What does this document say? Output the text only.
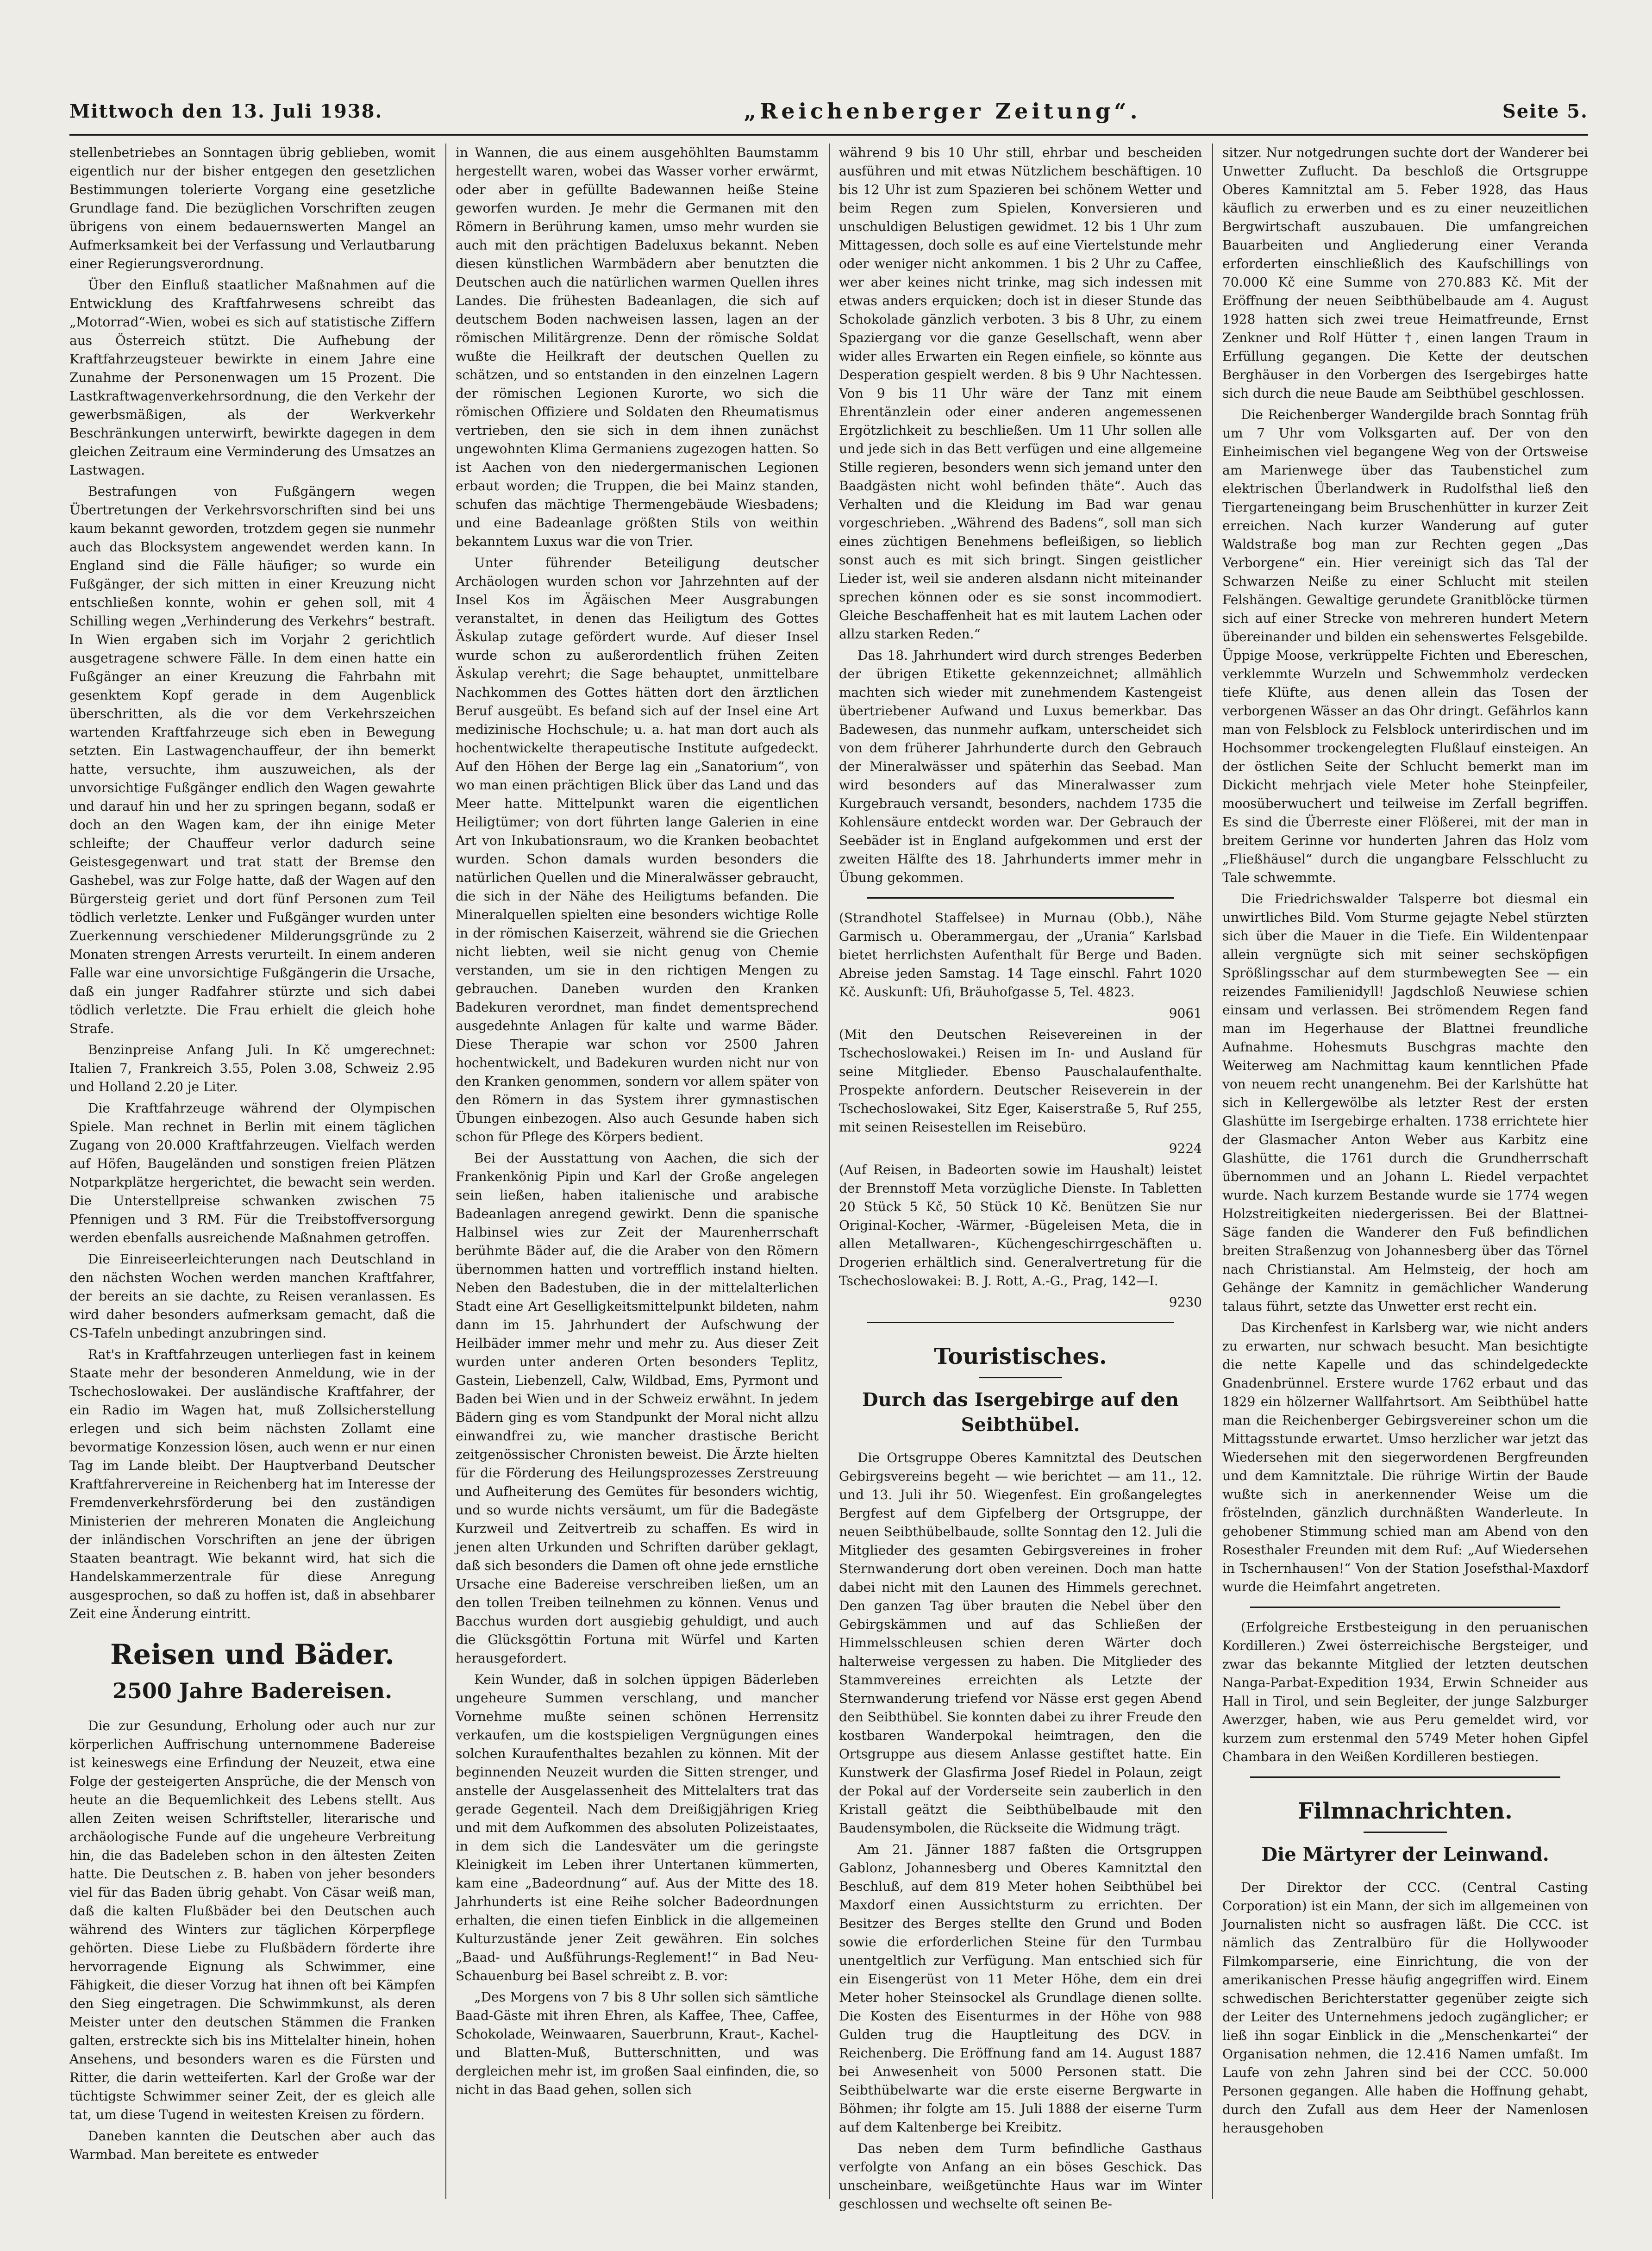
Mittwoch den 13. Juli 1938.	„Reichenberger Zeitung“.	Seite 5.

stellenbetriebes an Sonntagen übrig geblieben, womit eigentlich nur der bisher entgegen den gesetzlichen Bestimmungen tolerierte Vorgang eine gesetzliche Grundlage fand. Die bezüglichen Vorschriften zeugen übrigens von einem bedauernswerten Mangel an Aufmerksamkeit bei der Verfassung und Verlautbarung einer Regierungsverordnung.

Über den Einfluß staatlicher Maßnahmen auf die Entwicklung des Kraftfahrwesens schreibt das „Motorrad“-Wien, wobei es sich auf statistische Ziffern aus Österreich stützt. Die Aufhebung der Kraftfahrzeugsteuer bewirkte in einem Jahre eine Zunahme der Personenwagen um 15 Prozent. Die Lastkraftwagenverkehrsordnung, die den Verkehr der gewerbsmäßigen, als der Werkverkehr Beschränkungen unterwirft, bewirkte dagegen in dem gleichen Zeitraum eine Verminderung des Umsatzes an Lastwagen.

Bestrafungen von Fußgängern wegen Übertretungen der Verkehrsvorschriften sind bei uns kaum bekannt geworden, trotzdem gegen sie nunmehr auch das Blocksystem angewendet werden kann. In England sind die Fälle häufiger; so wurde ein Fußgänger, der sich mitten in einer Kreuzung nicht entschließen konnte, wohin er gehen soll, mit 4 Schilling wegen „Verhinderung des Verkehrs“ bestraft. In Wien ergaben sich im Vorjahr 2 gerichtlich ausgetragene schwere Fälle. In dem einen hatte ein Fußgänger an einer Kreuzung die Fahrbahn mit gesenktem Kopf gerade in dem Augenblick überschritten, als die vor dem Verkehrszeichen wartenden Kraftfahrzeuge sich eben in Bewegung setzten. Ein Lastwagenchauffeur, der ihn bemerkt hatte, versuchte, ihm auszuweichen, als der unvorsichtige Fußgänger endlich den Wagen gewahrte und darauf hin und her zu springen begann, sodaß er doch an den Wagen kam, der ihn einige Meter schleifte; der Chauffeur verlor dadurch seine Geistesgegenwart und trat statt der Bremse den Gashebel, was zur Folge hatte, daß der Wagen auf den Bürgersteig geriet und dort fünf Personen zum Teil tödlich verletzte. Lenker und Fußgänger wurden unter Zuerkennung verschiedener Milderungsgründe zu 2 Monaten strengen Arrests verurteilt. In einem anderen Falle war eine unvorsichtige Fußgängerin die Ursache, daß ein junger Radfahrer stürzte und sich dabei tödlich verletzte. Die Frau erhielt die gleich hohe Strafe.

Benzinpreise Anfang Juli. In Kč umgerechnet: Italien 7, Frankreich 3.55, Polen 3.08, Schweiz 2.95 und Holland 2.20 je Liter.

Die Kraftfahrzeuge während der Olympischen Spiele. Man rechnet in Berlin mit einem täglichen Zugang von 20.000 Kraftfahrzeugen. Vielfach werden auf Höfen, Baugeländen und sonstigen freien Plätzen Notparkplätze hergerichtet, die bewacht sein werden. Die Unterstellpreise schwanken zwischen 75 Pfennigen und 3 RM. Für die Treibstoffversorgung werden ebenfalls ausreichende Maßnahmen getroffen.

Die Einreiseerleichterungen nach Deutschland in den nächsten Wochen werden manchen Kraftfahrer, der bereits an sie dachte, zu Reisen veranlassen. Es wird daher besonders aufmerksam gemacht, daß die CS-Tafeln unbedingt anzubringen sind.

Rat's in Kraftfahrzeugen unterliegen fast in keinem Staate mehr der besonderen Anmeldung, wie in der Tschechoslowakei. Der ausländische Kraftfahrer, der ein Radio im Wagen hat, muß Zollsicherstellung erlegen und sich beim nächsten Zollamt eine bevormatige Konzession lösen, auch wenn er nur einen Tag im Lande bleibt. Der Hauptverband Deutscher Kraftfahrervereine in Reichenberg hat im Interesse der Fremdenverkehrsförderung bei den zuständigen Ministerien der mehreren Monaten die Angleichung der inländischen Vorschriften an jene der übrigen Staaten beantragt. Wie bekannt wird, hat sich die Handelskammerzentrale für diese Anregung ausgesprochen, so daß zu hoffen ist, daß in absehbarer Zeit eine Änderung eintritt.

Reisen und Bäder.
2500 Jahre Badereisen.

Die zur Gesundung, Erholung oder auch nur zur körperlichen Auffrischung unternommene Badereise ist keineswegs eine Erfindung der Neuzeit, etwa eine Folge der gesteigerten Ansprüche, die der Mensch von heute an die Bequemlichkeit des Lebens stellt. Aus allen Zeiten weisen Schriftsteller, literarische und archäologische Funde auf die ungeheure Verbreitung hin, die das Badeleben schon in den ältesten Zeiten hatte. Die Deutschen z. B. haben von jeher besonders viel für das Baden übrig gehabt. Von Cäsar weiß man, daß die kalten Flußbäder bei den Deutschen auch während des Winters zur täglichen Körperpflege gehörten. Diese Liebe zu Flußbädern förderte ihre hervorragende Eignung als Schwimmer, eine Fähigkeit, die dieser Vorzug hat ihnen oft bei Kämpfen den Sieg eingetragen. Die Schwimmkunst, als deren Meister unter den deutschen Stämmen die Franken galten, erstreckte sich bis ins Mittelalter hinein, hohen Ansehens, und besonders waren es die Fürsten und Ritter, die darin wetteiferten. Karl der Große war der tüchtigste Schwimmer seiner Zeit, der es gleich alle tat, um diese Tugend in weitesten Kreisen zu fördern.

Daneben kannten die Deutschen aber auch das Warmbad. Man bereitete es entweder

in Wannen, die aus einem ausgehöhlten Baumstamm hergestellt waren, wobei das Wasser vorher erwärmt, oder aber in gefüllte Badewannen heiße Steine geworfen wurden. Je mehr die Germanen mit den Römern in Berührung kamen, umso mehr wurden sie auch mit den prächtigen Badeluxus bekannt. Neben diesen künstlichen Warmbädern aber benutzten die Deutschen auch die natürlichen warmen Quellen ihres Landes. Die frühesten Badeanlagen, die sich auf deutschem Boden nachweisen lassen, lagen an der römischen Militärgrenze. Denn der römische Soldat wußte die Heilkraft der deutschen Quellen zu schätzen, und so entstanden in den einzelnen Lagern der römischen Legionen Kurorte, wo sich die römischen Offiziere und Soldaten den Rheumatismus vertrieben, den sie sich in dem ihnen zunächst ungewohnten Klima Germaniens zugezogen hatten. So ist Aachen von den niedergermanischen Legionen erbaut worden; die Truppen, die bei Mainz standen, schufen das mächtige Thermengebäude Wiesbadens; und eine Badeanlage größten Stils von weithin bekanntem Luxus war die von Trier.

Unter führender Beteiligung deutscher Archäologen wurden schon vor Jahrzehnten auf der Insel Kos im Ägäischen Meer Ausgrabungen veranstaltet, in denen das Heiligtum des Gottes Äskulap zutage gefördert wurde. Auf dieser Insel wurde schon zu außerordentlich frühen Zeiten Äskulap verehrt; die Sage behauptet, unmittelbare Nachkommen des Gottes hätten dort den ärztlichen Beruf ausgeübt. Es befand sich auf der Insel eine Art medizinische Hochschule; u. a. hat man dort auch als hochentwickelte therapeutische Institute aufgedeckt. Auf den Höhen der Berge lag ein „Sanatorium“, von wo man einen prächtigen Blick über das Land und das Meer hatte. Mittelpunkt waren die eigentlichen Heiligtümer; von dort führten lange Galerien in eine Art von Inkubationsraum, wo die Kranken beobachtet wurden. Schon damals wurden besonders die natürlichen Quellen und die Mineralwässer gebraucht, die sich in der Nähe des Heiligtums befanden. Die Mineralquellen spielten eine besonders wichtige Rolle in der römischen Kaiserzeit, während sie die Griechen nicht liebten, weil sie nicht genug von Chemie verstanden, um sie in den richtigen Mengen zu gebrauchen. Daneben wurden den Kranken Badekuren verordnet, man findet dementsprechend ausgedehnte Anlagen für kalte und warme Bäder. Diese Therapie war schon vor 2500 Jahren hochentwickelt, und Badekuren wurden nicht nur von den Kranken genommen, sondern vor allem später von den Römern in das System ihrer gymnastischen Übungen einbezogen. Also auch Gesunde haben sich schon für Pflege des Körpers bedient.

Bei der Ausstattung von Aachen, die sich der Frankenkönig Pipin und Karl der Große angelegen sein ließen, haben italienische und arabische Badeanlagen anregend gewirkt. Denn die spanische Halbinsel wies zur Zeit der Maurenherrschaft berühmte Bäder auf, die die Araber von den Römern übernommen hatten und vortrefflich instand hielten. Neben den Badestuben, die in der mittelalterlichen Stadt eine Art Geselligkeitsmittelpunkt bildeten, nahm dann im 15. Jahrhundert der Aufschwung der Heilbäder immer mehr und mehr zu. Aus dieser Zeit wurden unter anderen Orten besonders Teplitz, Gastein, Liebenzell, Calw, Wildbad, Ems, Pyrmont und Baden bei Wien und in der Schweiz erwähnt. In jedem Bädern ging es vom Standpunkt der Moral nicht allzu einwandfrei zu, wie mancher drastische Bericht zeitgenössischer Chronisten beweist. Die Ärzte hielten für die Förderung des Heilungsprozesses Zerstreuung und Aufheiterung des Gemütes für besonders wichtig, und so wurde nichts versäumt, um für die Badegäste Kurzweil und Zeitvertreib zu schaffen. Es wird in jenen alten Urkunden und Schriften darüber geklagt, daß sich besonders die Damen oft ohne jede ernstliche Ursache eine Badereise verschreiben ließen, um an den tollen Treiben teilnehmen zu können. Venus und Bacchus wurden dort ausgiebig gehuldigt, und auch die Glücksgöttin Fortuna mit Würfel und Karten herausgefordert.

Kein Wunder, daß in solchen üppigen Bäderleben ungeheure Summen verschlang, und mancher Vornehme mußte seinen schönen Herrensitz verkaufen, um die kostspieligen Vergnügungen eines solchen Kuraufenthaltes bezahlen zu können. Mit der beginnenden Neuzeit wurden die Sitten strenger, und anstelle der Ausgelassenheit des Mittelalters trat das gerade Gegenteil. Nach dem Dreißigjährigen Krieg und mit dem Aufkommen des absoluten Polizeistaates, in dem sich die Landesväter um die geringste Kleinigkeit im Leben ihrer Untertanen kümmerten, kam eine „Badeordnung“ auf. Aus der Mitte des 18. Jahrhunderts ist eine Reihe solcher Badeordnungen erhalten, die einen tiefen Einblick in die allgemeinen Kulturzustände jener Zeit gewähren. Ein solches „Baad- und Außführungs-Reglement!“ in Bad Neu-Schauenburg bei Basel schreibt z. B. vor:

„Des Morgens von 7 bis 8 Uhr sollen sich sämtliche Baad-Gäste mit ihren Ehren, als Kaffee, Thee, Caffee, Schokolade, Weinwaaren, Sauerbrunn, Kraut-, Kachel- und Blatten-Muß, Butterschnitten, und was dergleichen mehr ist, im großen Saal einfinden, die, so nicht in das Baad gehen, sollen sich

während 9 bis 10 Uhr still, ehrbar und bescheiden ausführen und mit etwas Nützlichem beschäftigen. 10 bis 12 Uhr ist zum Spazieren bei schönem Wetter und beim Regen zum Spielen, Konversieren und unschuldigen Belustigen gewidmet. 12 bis 1 Uhr zum Mittagessen, doch solle es auf eine Viertelstunde mehr oder weniger nicht ankommen. 1 bis 2 Uhr zu Caffee, wer aber keines nicht trinke, mag sich indessen mit etwas anders erquicken; doch ist in dieser Stunde das Schokolade gänzlich verboten. 3 bis 8 Uhr, zu einem Spaziergang vor die ganze Gesellschaft, wenn aber wider alles Erwarten ein Regen einfiele, so könnte aus Desperation gespielt werden. 8 bis 9 Uhr Nachtessen. Von 9 bis 11 Uhr wäre der Tanz mit einem Ehrentänzlein oder einer anderen angemessenen Ergötzlichkeit zu beschließen. Um 11 Uhr sollen alle und jede sich in das Bett verfügen und eine allgemeine Stille regieren, besonders wenn sich jemand unter den Baadgästen nicht wohl befinden thäte“. Auch das Verhalten und die Kleidung im Bad war genau vorgeschrieben. „Während des Badens“, soll man sich eines züchtigen Benehmens befleißigen, so lieblich sonst auch es mit sich bringt. Singen geistlicher Lieder ist, weil sie anderen alsdann nicht miteinander sprechen können oder es sie sonst incommodiert. Gleiche Beschaffenheit hat es mit lautem Lachen oder allzu starken Reden.“

Das 18. Jahrhundert wird durch strenges Bederben der übrigen Etikette gekennzeichnet; allmählich machten sich wieder mit zunehmendem Kastengeist übertriebener Aufwand und Luxus bemerkbar. Das Badewesen, das nunmehr aufkam, unterscheidet sich von dem früherer Jahrhunderte durch den Gebrauch der Mineralwässer und späterhin das Seebad. Man wird besonders auf das Mineralwasser zum Kurgebrauch versandt, besonders, nachdem 1735 die Kohlensäure entdeckt worden war. Der Gebrauch der Seebäder ist in England aufgekommen und erst der zweiten Hälfte des 18. Jahrhunderts immer mehr in Übung gekommen.

(Strandhotel Staffelsee) in Murnau (Obb.), Nähe Garmisch u. Oberammergau, der „Urania“ Karlsbad bietet herrlichsten Aufenthalt für Berge und Baden. Abreise jeden Samstag. 14 Tage einschl. Fahrt 1020 Kč. Auskunft: Ufi, Bräuhofgasse 5, Tel. 4823.

9061

(Mit den Deutschen Reisevereinen in der Tschechoslowakei.) Reisen im In- und Ausland für seine Mitglieder. Ebenso Pauschalaufenthalte. Prospekte anfordern. Deutscher Reiseverein in der Tschechoslowakei, Sitz Eger, Kaiserstraße 5, Ruf 255, mit seinen Reisestellen im Reisebüro.

9224

(Auf Reisen, in Badeorten sowie im Haushalt) leistet der Brennstoff Meta vorzügliche Dienste. In Tabletten 20 Stück 5 Kč, 50 Stück 10 Kč. Benützen Sie nur Original-Kocher, -Wärmer, -Bügeleisen Meta, die in allen Metallwaren-, Küchengeschirrgeschäften u. Drogerien erhältlich sind. Generalvertretung für die Tschechoslowakei: B. J. Rott, A.-G., Prag, 142—I.

9230

Touristisches.
Durch das Isergebirge auf den Seibthübel.

Die Ortsgruppe Oberes Kamnitztal des Deutschen Gebirgsvereins begeht — wie berichtet — am 11., 12. und 13. Juli ihr 50. Wiegenfest. Ein großangelegtes Bergfest auf dem Gipfelberg der Ortsgruppe, der neuen Seibthübelbaude, sollte Sonntag den 12. Juli die Mitglieder des gesamten Gebirgsvereines in froher Sternwanderung dort oben vereinen. Doch man hatte dabei nicht mit den Launen des Himmels gerechnet. Den ganzen Tag über brauten die Nebel über den Gebirgskämmen und auf das Schließen der Himmelsschleusen schien deren Wärter doch halterweise vergessen zu haben. Die Mitglieder des Stammvereines erreichten als Letzte der Sternwanderung triefend vor Nässe erst gegen Abend den Seibthübel. Sie konnten dabei zu ihrer Freude den kostbaren Wanderpokal heimtragen, den die Ortsgruppe aus diesem Anlasse gestiftet hatte. Ein Kunstwerk der Glasfirma Josef Riedel in Polaun, zeigt der Pokal auf der Vorderseite sein zauberlich in den Kristall geätzt die Seibthübelbaude mit den Baudensymbolen, die Rückseite die Widmung trägt.

Am 21. Jänner 1887 faßten die Ortsgruppen Gablonz, Johannesberg und Oberes Kamnitztal den Beschluß, auf dem 819 Meter hohen Seibthübel bei Maxdorf einen Aussichtsturm zu errichten. Der Besitzer des Berges stellte den Grund und Boden sowie die erforderlichen Steine für den Turmbau unentgeltlich zur Verfügung. Man entschied sich für ein Eisengerüst von 11 Meter Höhe, dem ein drei Meter hoher Steinsockel als Grundlage dienen sollte. Die Kosten des Eisenturmes in der Höhe von 988 Gulden trug die Hauptleitung des DGV. in Reichenberg. Die Eröffnung fand am 14. August 1887 bei Anwesenheit von 5000 Personen statt. Die Seibthübelwarte war die erste eiserne Bergwarte in Böhmen; ihr folgte am 15. Juli 1888 der eiserne Turm auf dem Kaltenberge bei Kreibitz.

Das neben dem Turm befindliche Gasthaus verfolgte von Anfang an ein böses Geschick. Das unscheinbare, weißgetünchte Haus war im Winter geschlossen und wechselte oft seinen Be-

sitzer. Nur notgedrungen suchte dort der Wanderer bei Unwetter Zuflucht. Da beschloß die Ortsgruppe Oberes Kamnitztal am 5. Feber 1928, das Haus käuflich zu erwerben und es zu einer neuzeitlichen Bergwirtschaft auszubauen. Die umfangreichen Bauarbeiten und Angliederung einer Veranda erforderten einschließlich des Kaufschillings von 70.000 Kč eine Summe von 270.883 Kč. Mit der Eröffnung der neuen Seibthübelbaude am 4. August 1928 hatten sich zwei treue Heimatfreunde, Ernst Zenkner und Rolf Hütter †, einen langen Traum in Erfüllung gegangen. Die Kette der deutschen Berghäuser in den Vorbergen des Isergebirges hatte sich durch die neue Baude am Seibthübel geschlossen.

Die Reichenberger Wandergilde brach Sonntag früh um 7 Uhr vom Volksgarten auf. Der von den Einheimischen viel begangene Weg von der Ortsweise am Marienwege über das Taubenstichel zum elektrischen Überlandwerk in Rudolfsthal ließ den Tiergarteneingang beim Bruschenhütter in kurzer Zeit erreichen. Nach kurzer Wanderung auf guter Waldstraße bog man zur Rechten gegen „Das Verborgene“ ein. Hier vereinigt sich das Tal der Schwarzen Neiße zu einer Schlucht mit steilen Felshängen. Gewaltige gerundete Granitblöcke türmen sich auf einer Strecke von mehreren hundert Metern übereinander und bilden ein sehenswertes Felsgebilde. Üppige Moose, verkrüppelte Fichten und Ebereschen, verklemmte Wurzeln und Schwemmholz verdecken tiefe Klüfte, aus denen allein das Tosen der verborgenen Wässer an das Ohr dringt. Gefährlos kann man von Felsblock zu Felsblock unterirdischen und im Hochsommer trockengelegten Flußlauf einsteigen. An der östlichen Seite der Schlucht bemerkt man im Dickicht mehrjach viele Meter hohe Steinpfeiler, moosüberwuchert und teilweise im Zerfall begriffen. Es sind die Überreste einer Flößerei, mit der man in breitem Gerinne vor hunderten Jahren das Holz vom „Fließhäusel“ durch die ungangbare Felsschlucht zu Tale schwemmte.

Die Friedrichswalder Talsperre bot diesmal ein unwirtliches Bild. Vom Sturme gejagte Nebel stürzten sich über die Mauer in die Tiefe. Ein Wildentenpaar allein vergnügte sich mit seiner sechsköpfigen Sprößlingsschar auf dem sturmbewegten See — ein reizendes Familienidyll! Jagdschloß Neuwiese schien einsam und verlassen. Bei strömendem Regen fand man im Hegerhause der Blattnei freundliche Aufnahme. Hohesmuts Buschgras machte den Weiterweg am Nachmittag kaum kenntlichen Pfade von neuem recht unangenehm. Bei der Karlshütte hat sich in Kellergewölbe als letzter Rest der ersten Glashütte im Isergebirge erhalten. 1738 errichtete hier der Glasmacher Anton Weber aus Karbitz eine Glashütte, die 1761 durch die Grundherrschaft übernommen und an Johann L. Riedel verpachtet wurde. Nach kurzem Bestande wurde sie 1774 wegen Holzstreitigkeiten niedergerissen. Bei der Blattnei-Säge fanden die Wanderer den Fuß befindlichen breiten Straßenzug von Johannesberg über das Törnel nach Christianstal. Am Helmsteig, der hoch am Gehänge der Kamnitz in gemächlicher Wanderung talaus führt, setzte das Unwetter erst recht ein.

Das Kirchenfest in Karlsberg war, wie nicht anders zu erwarten, nur schwach besucht. Man besichtigte die nette Kapelle und das schindelgedeckte Gnadenbrünnel. Erstere wurde 1762 erbaut und das 1829 ein hölzerner Wallfahrtsort. Am Seibthübel hatte man die Reichenberger Gebirgsvereiner schon um die Mittagsstunde erwartet. Umso herzlicher war jetzt das Wiedersehen mit den siegerwordenen Bergfreunden und dem Kamnitztale. Die rührige Wirtin der Baude wußte sich in anerkennender Weise um die fröstelnden, gänzlich durchnäßten Wanderleute. In gehobener Stimmung schied man am Abend von den Rosesthaler Freunden mit dem Ruf: „Auf Wiedersehen in Tschernhausen!“ Von der Station Josefsthal-Maxdorf wurde die Heimfahrt angetreten.

(Erfolgreiche Erstbesteigung in den peruanischen Kordilleren.) Zwei österreichische Bergsteiger, und zwar das bekannte Mitglied der letzten deutschen Nanga-Parbat-Expedition 1934, Erwin Schneider aus Hall in Tirol, und sein Begleiter, der junge Salzburger Awerzger, haben, wie aus Peru gemeldet wird, vor kurzem zum erstenmal den 5749 Meter hohen Gipfel Chambara in den Weißen Kordilleren bestiegen.

Filmnachrichten.
Die Märtyrer der Leinwand.

Der Direktor der CCC. (Central Casting Corporation) ist ein Mann, der sich im allgemeinen von Journalisten nicht so ausfragen läßt. Die CCC. ist nämlich das Zentralbüro für die Hollywooder Filmkomparserie, eine Einrichtung, die von der amerikanischen Presse häufig angegriffen wird. Einem schwedischen Berichterstatter gegenüber zeigte sich der Leiter des Unternehmens jedoch zugänglicher; er ließ ihn sogar Einblick in die „Menschenkartei“ der Organisation nehmen, die 12.416 Namen umfaßt. Im Laufe von zehn Jahren sind bei der CCC. 50.000 Personen gegangen. Alle haben die Hoffnung gehabt, durch den Zufall aus dem Heer der Namenlosen herausgehoben
